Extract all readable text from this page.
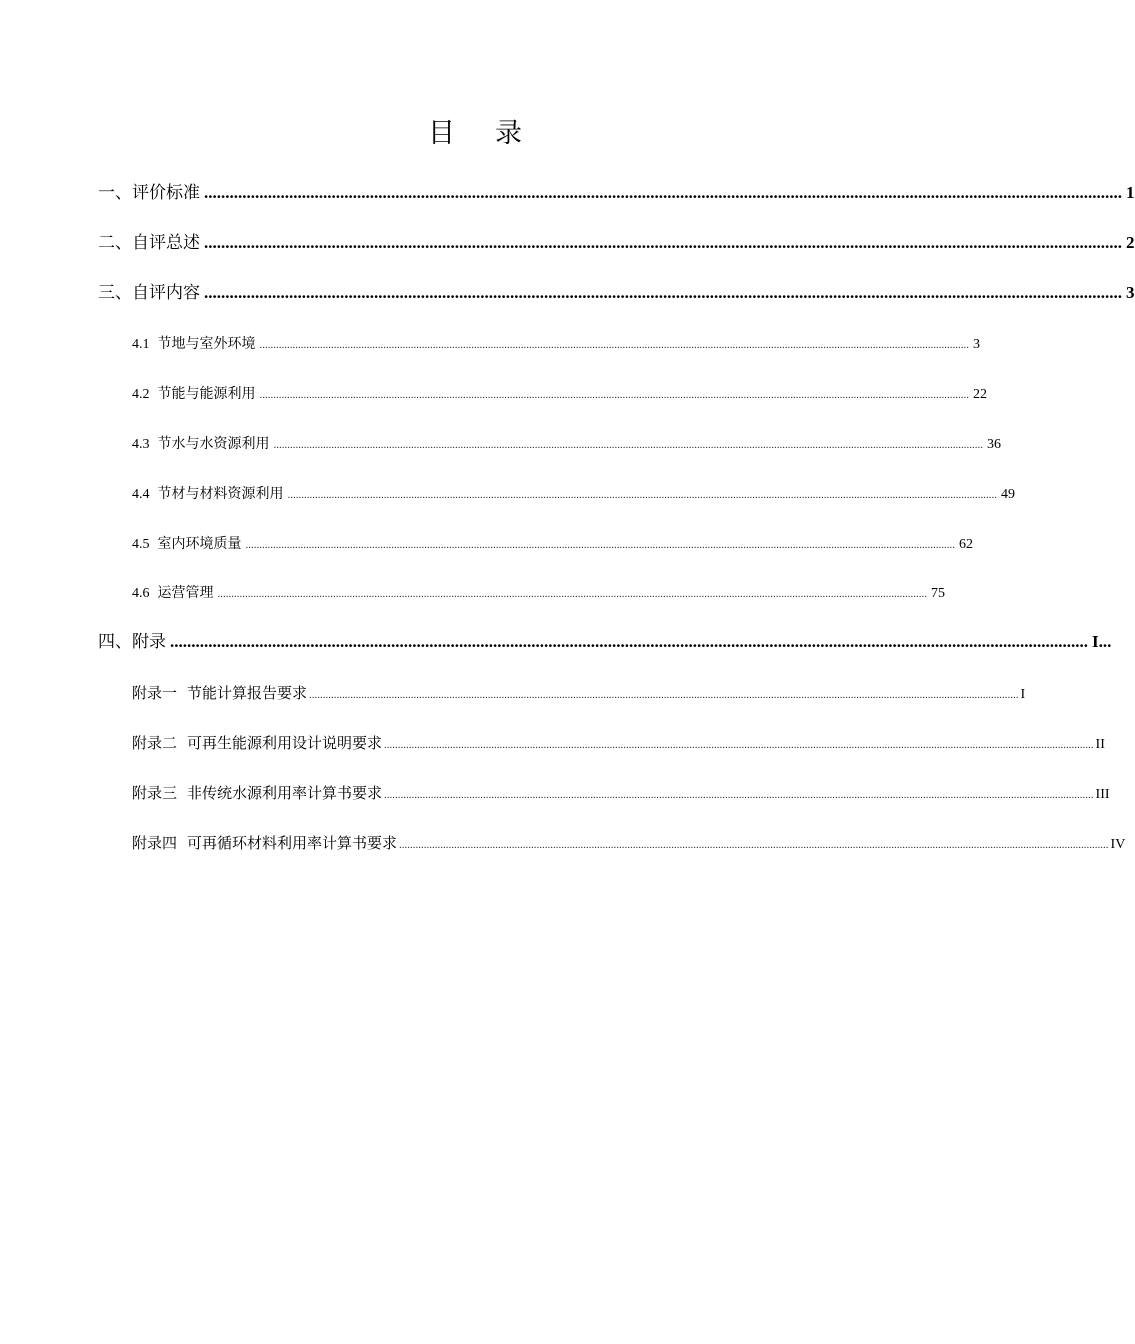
目 录
一、 评价标准 ........................................................................................................................................................................................................................ 1
二、 自评总述 ........................................................................................................................................................................................................................ 2
三、 自评内容 ........................................................................................................................................................................................................................ 3
4.1 节地与室外环境 .................................................................................................................................................................................................................................................................. 3
4.2 节能与能源利用 .................................................................................................................................................................................................................................................................. 22
4.3 节水与水资源利用 .................................................................................................................................................................................................................................................................. 36
4.4 节材与材料资源利用 .................................................................................................................................................................................................................................................................. 49
4.5 室内环境质量 .................................................................................................................................................................................................................................................................. 62
4.6 运营管理 .................................................................................................................................................................................................................................................................. 75
四、 附录 ........................................................................................................................................................................................................................ I ...
附录一 节能计算报告要求 .................................................................................................................................................................................................................................................................. I
附录二 可再生能源利用设计说明要求 .................................................................................................................................................................................................................................................................. II
附录三 非传统水源利用率计算书要求 .................................................................................................................................................................................................................................................................. III
附录四 可再循环材料利用率计算书要求 .................................................................................................................................................................................................................................................................. IV
